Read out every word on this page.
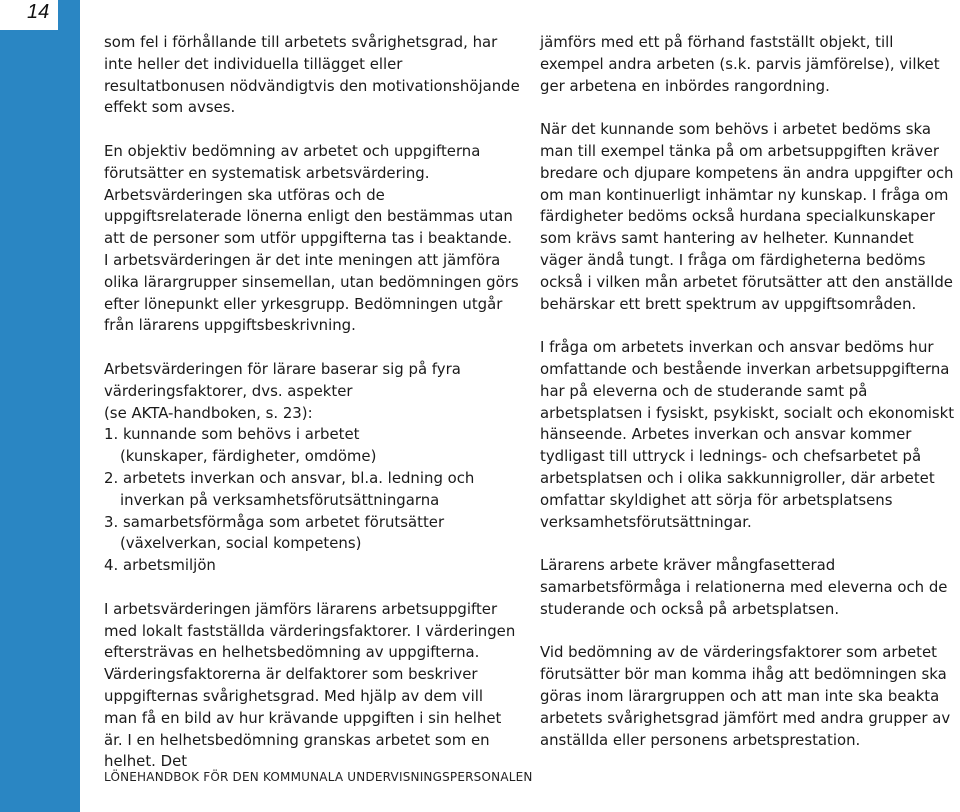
14

som fel i förhållande till arbetets svårighetsgrad, har inte heller det individuella tillägget eller resultatbonusen nödvändigtvis den motivationshöjande effekt som avses.

En objektiv bedömning av arbetet och uppgifterna förutsätter en systematisk arbetsvärdering. Arbetsvärderingen ska utföras och de uppgiftsrelaterade lönerna enligt den bestämmas utan att de personer som utför uppgifterna tas i beaktande. I arbetsvärderingen är det inte meningen att jämföra olika lärargrupper sinsemellan, utan bedömningen görs efter lönepunkt eller yrkesgrupp. Bedömningen utgår från lärarens uppgiftsbeskrivning.

Arbetsvärderingen för lärare baserar sig på fyra värderingsfaktorer, dvs. aspekter
(se AKTA-handboken, s. 23):
1. kunnande som behövs i arbetet
(kunskaper, färdigheter, omdöme)
2. arbetets inverkan och ansvar, bl.a. ledning och
inverkan på verksamhetsförutsättningarna
3. samarbetsförmåga som arbetet förutsätter
(växelverkan, social kompetens)
4. arbetsmiljön

I arbetsvärderingen jämförs lärarens arbetsuppgifter med lokalt fastställda värderingsfaktorer. I värderingen eftersträvas en helhetsbedömning av uppgifterna. Värderingsfaktorerna är delfaktorer som beskriver uppgifternas svårighetsgrad. Med hjälp av dem vill man få en bild av hur krävande uppgiften i sin helhet är. I en helhetsbedömning granskas arbetet som en helhet. Det

jämförs med ett på förhand fastställt objekt, till exempel andra arbeten (s.k. parvis jämförelse), vilket ger arbetena en inbördes rangordning.

När det kunnande som behövs i arbetet bedöms ska man till exempel tänka på om arbetsuppgiften kräver bredare och djupare kompetens än andra uppgifter och om man kontinuerligt inhämtar ny kunskap. I fråga om färdigheter bedöms också hurdana specialkunskaper som krävs samt hantering av helheter. Kunnandet väger ändå tungt. I fråga om färdigheterna bedöms också i vilken mån arbetet förutsätter att den anställde behärskar ett brett spektrum av uppgiftsområden.

I fråga om arbetets inverkan och ansvar bedöms hur omfattande och bestående inverkan arbetsuppgifterna har på eleverna och de studerande samt på arbetsplatsen i fysiskt, psykiskt, socialt och ekonomiskt hänseende. Arbetes inverkan och ansvar kommer tydligast till uttryck i lednings- och chefsarbetet på arbetsplatsen och i olika sakkunnigroller, där arbetet omfattar skyldighet att sörja för arbetsplatsens verksamhetsförutsättningar.

Lärarens arbete kräver mångfasetterad samarbetsförmåga i relationerna med eleverna och de studerande och också på arbetsplatsen.

Vid bedömning av de värderingsfaktorer som arbetet förutsätter bör man komma ihåg att bedömningen ska göras inom lärargruppen och att man inte ska beakta arbetets svårighetsgrad jämfört med andra grupper av anställda eller personens arbetsprestation.

LÖNEHANDBOK FÖR DEN KOMMUNALA UNDERVISNINGSPERSONALEN
